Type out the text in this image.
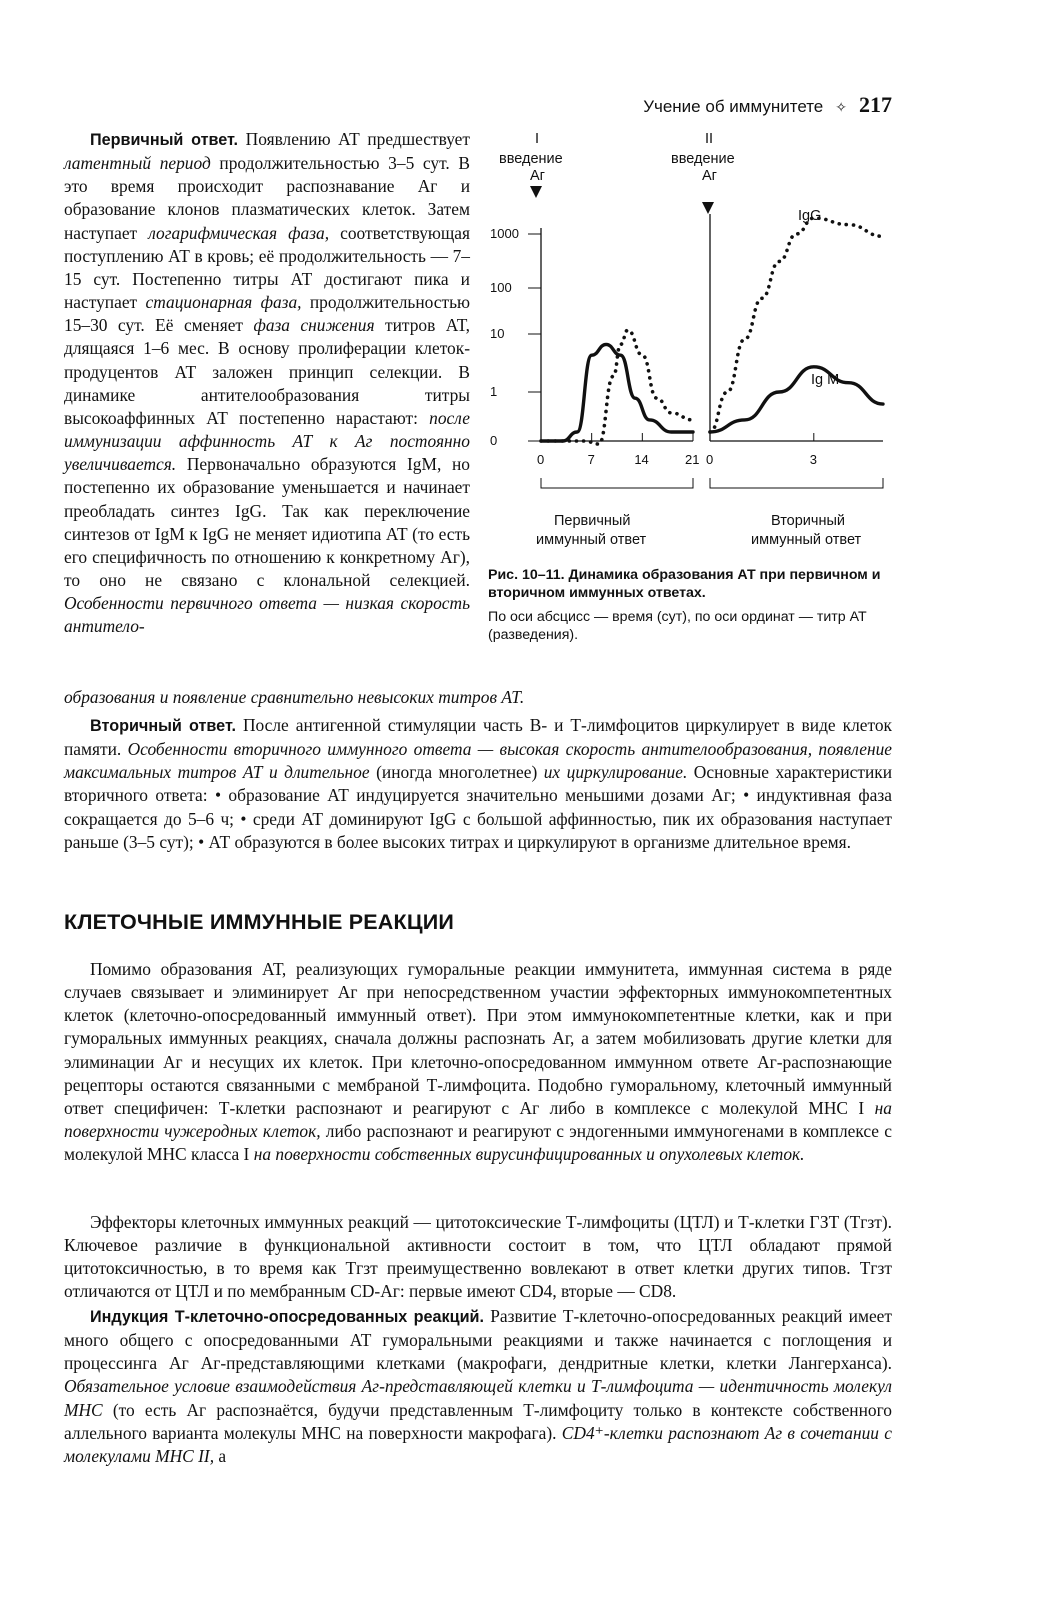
Учение об иммунитете ✧ 217

Первичный ответ. Появлению АТ предшествует латентный период продолжительностью 3–5 сут. В это время происходит распознавание Аг и образование клонов плазматических клеток. Затем наступает логарифмическая фаза, соответствующая поступлению АТ в кровь; её продолжительность — 7–15 сут. Постепенно титры АТ достигают пика и наступает стационарная фаза, продолжительностью 15–30 сут. Её сменяет фаза снижения титров АТ, длящаяся 1–6 мес. В основу пролиферации клеток-продуцентов АТ заложен принцип селекции. В динамике антителообразования титры высокоаффинных АТ постепенно нарастают: после иммунизации аффинность АТ к Аг постоянно увеличивается. Первоначально образуются IgM, но постепенно их образование уменьшается и начинает преобладать синтез IgG. Так как переключение синтезов от IgM к IgG не меняет идиотипа АТ (то есть его специфичность по отношению к конкретному Аг), то оно не связано с клональной селекцией. Особенности первичного ответа — низкая скорость антитело-

образования и появление сравнительно невысоких титров АТ.

1000
100
10
1
0
0	7	14	21 0	3
I
введение
Аг
II
введение
Аг
IgG
Ig M
Первичный
иммунный ответ
Вторичный
иммунный ответ

Рис. 10–11. Динамика образования АТ при первичном и вторичном иммунных ответах.

По оси абсцисс — время (сут), по оси ординат — титр АТ (разведения).

Вторичный ответ. После антигенной стимуляции часть В- и Т-лимфоцитов циркулирует в виде клеток памяти. Особенности вторичного иммунного ответа — высокая скорость антителообразования, появление максимальных титров АТ и длительное (иногда многолетнее) их циркулирование. Основные характеристики вторичного ответа: • образование АТ индуцируется значительно меньшими дозами Аг; • индуктивная фаза сокращается до 5–6 ч; • среди АТ доминируют IgG с большой аффинностью, пик их образования наступает раньше (3–5 сут); • АТ образуются в более высоких титрах и циркулируют в организме длительное время.

КЛЕТОЧНЫЕ ИММУННЫЕ РЕАКЦИИ

Помимо образования АТ, реализующих гуморальные реакции иммунитета, иммунная система в ряде случаев связывает и элиминирует Аг при непосредственном участии эффекторных иммунокомпетентных клеток (клеточно-опосредованный иммунный ответ). При этом иммунокомпетентные клетки, как и при гуморальных иммунных реакциях, сначала должны распознать Аг, а затем мобилизовать другие клетки для элиминации Аг и несущих их клеток. При клеточно-опосредованном иммунном ответе Аг-распознающие рецепторы остаются связанными с мембраной Т-лимфоцита. Подобно гуморальному, клеточный иммунный ответ специфичен: Т-клетки распознают и реагируют с Аг либо в комплексе с молекулой МНС I на поверхности чужеродных клеток, либо распознают и реагируют с эндогенными иммуногенами в комплексе с молекулой МНС класса I на поверхности собственных вирусинфицированных и опухолевых клеток.

Эффекторы клеточных иммунных реакций — цитотоксические Т-лимфоциты (ЦТЛ) и Т-клетки ГЗТ (Тгзт). Ключевое различие в функциональной активности состоит в том, что ЦТЛ обладают прямой цитотоксичностью, в то время как Тгзт преимущественно вовлекают в ответ клетки других типов. Тгзт отличаются от ЦТЛ и по мембранным CD-Аг: первые имеют CD4, вторые — CD8.

Индукция Т-клеточно-опосредованных реакций. Развитие Т-клеточно-опосредованных реакций имеет много общего с опосредованными АТ гуморальными реакциями и также начинается с поглощения и процессинга Аг Аг-представляющими клетками (макрофаги, дендритные клетки, клетки Лангерханса). Обязательное условие взаимодействия Аг-представляющей клетки и Т-лимфоцита — идентичность молекул МНС (то есть Аг распознаётся, будучи представленным Т-лимфоциту только в контексте собственного аллельного варианта молекулы МНС на поверхности макрофага). CD4⁺-клетки распознают Аг в сочетании с молекулами МНС II, а
